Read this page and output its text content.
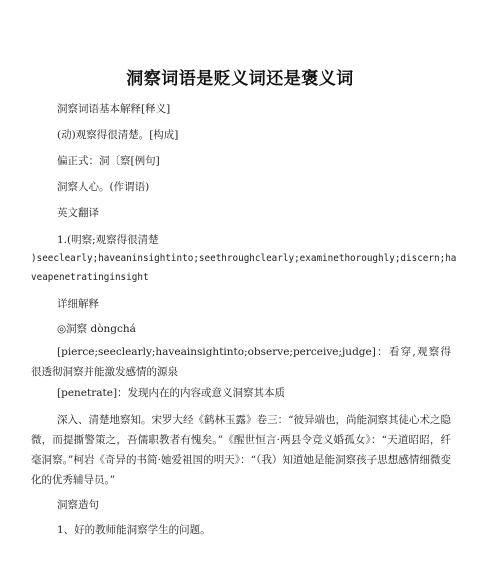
洞察词语是贬义词还是褒义词
洞察词语基本解释[释义]
(动)观察得很清楚。[构成]
偏正式：洞〔察[例句]
洞察人心。(作谓语)
英文翻译
1.(明察;观察得很清楚
)seeclearly;haveaninsightinto;seethroughclearly;examinethoroughly;discern;ha
veapenetratinginsight
详细解释
◎洞察 dòngchá

[pierce;seeclearly;haveainsightinto;observe;perceive;judge]：看穿,观察得很透彻洞察并能激发感情的源泉

[penetrate]：发现内在的内容或意义洞察其本质

深入、清楚地察知。宋罗大经《鹤林玉露》卷三：“彼异端也，尚能洞察其徒心术之隐微，而提撕警策之，吾儒职教者有愧矣。”《醒世恒言·两县令竞义婚孤女》：“天道昭昭，纤毫洞察。”柯岩《奇异的书简·她爱祖国的明天》：“（我）知道她是能洞察孩子思想感情细微变化的优秀辅导员。”

洞察造句
1、好的教师能洞察学生的问题。
